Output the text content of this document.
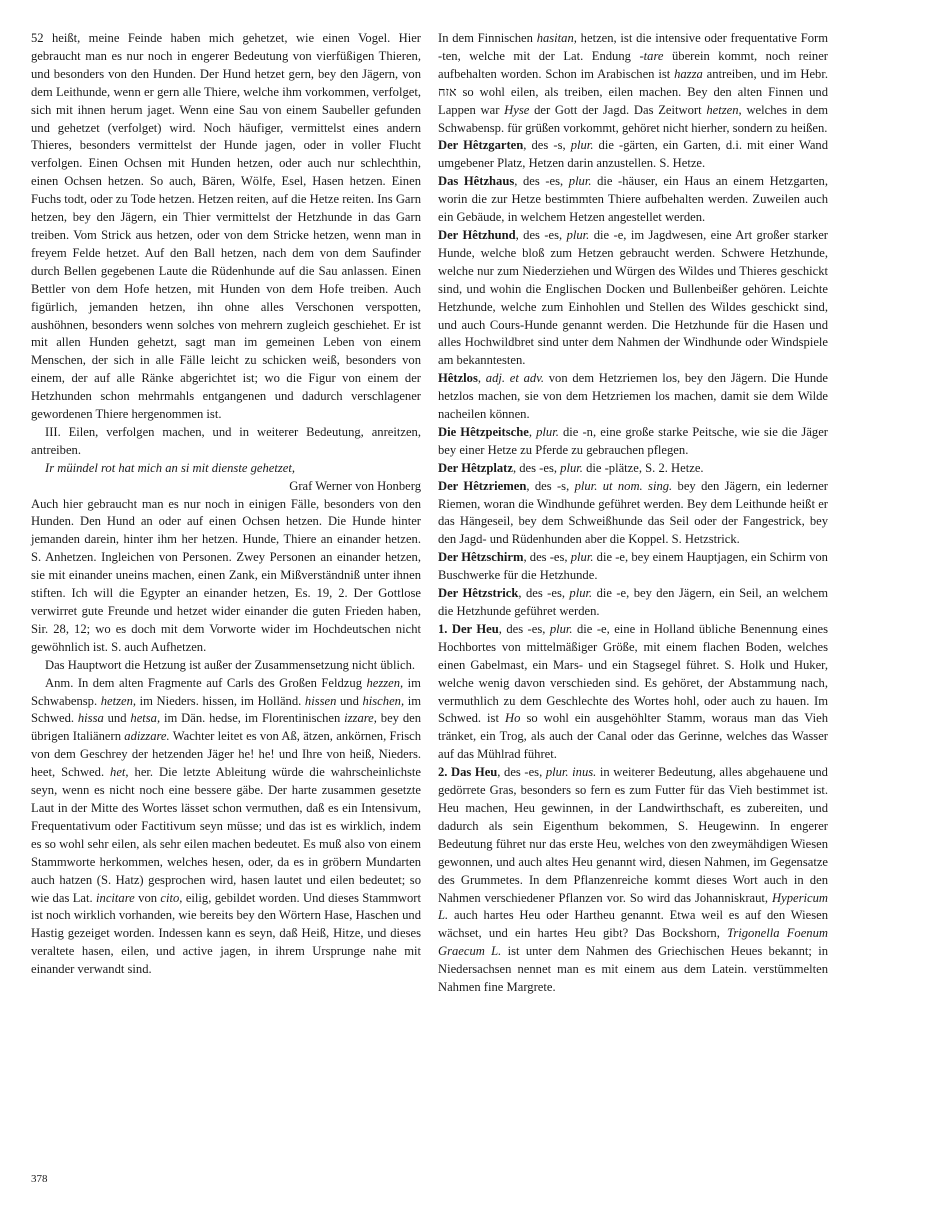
52 heißt, meine Feinde haben mich gehetzet, wie einen Vogel. Hier gebraucht man es nur noch in engerer Bedeutung von vierfüßigen Thieren, und besonders von den Hunden. Der Hund hetzet gern, bey den Jägern, von dem Leithunde, wenn er gern alle Thiere, welche ihm vorkommen, verfolget, sich mit ihnen herum jaget. Wenn eine Sau von einem Saubeller gefunden und gehetzet (verfolget) wird. Noch häufiger, vermittelst eines andern Thieres, besonders vermittelst der Hunde jagen, oder in voller Flucht verfolgen. Einen Ochsen mit Hunden hetzen, oder auch nur schlechthin, einen Ochsen hetzen. So auch, Bären, Wölfe, Esel, Hasen hetzen. Einen Fuchs todt, oder zu Tode hetzen. Hetzen reiten, auf die Hetze reiten. Ins Garn hetzen, bey den Jägern, ein Thier vermittelst der Hetzhunde in das Garn treiben. Vom Strick aus hetzen, oder von dem Stricke hetzen, wenn man in freyem Felde hetzet. Auf den Ball hetzen, nach dem von dem Saufinder durch Bellen gegebenen Laute die Rüdenhunde auf die Sau anlassen. Einen Bettler von dem Hofe hetzen, mit Hunden von dem Hofe treiben. Auch figürlich, jemanden hetzen, ihn ohne alles Verschonen verspotten, aushöhnen, besonders wenn solches von mehrern zugleich geschiehet. Er ist mit allen Hunden gehetzt, sagt man im gemeinen Leben von einem Menschen, der sich in alle Fälle leicht zu schicken weiß, besonders von einem, der auf alle Ränke abgerichtet ist; wo die Figur von einem der Hetzhunden schon mehrmahls entgangenen und dadurch verschlagener gewordenen Thiere hergenommen ist.

III. Eilen, verfolgen machen, und in weiterer Bedeutung, anreitzen, antreiben.

Ir müindel rot hat mich an si mit dienste gehetzet,

Graf Werner von Honberg

Auch hier gebraucht man es nur noch in einigen Fälle, besonders von den Hunden. Den Hund an oder auf einen Ochsen hetzen. Die Hunde hinter jemanden darein, hinter ihm her hetzen. Hunde, Thiere an einander hetzen. S. Anhetzen. Ingleichen von Personen. Zwey Personen an einander hetzen, sie mit einander uneins machen, einen Zank, ein Mißverständniß unter ihnen stiften. Ich will die Egypter an einander hetzen, Es. 19, 2. Der Gottlose verwirret gute Freunde und hetzet wider einander die guten Frieden haben, Sir. 28, 12; wo es doch mit dem Vorworte wider im Hochdeutschen nicht gewöhnlich ist. S. auch Aufhetzen.

Das Hauptwort die Hetzung ist außer der Zusammensetzung nicht üblich.

Anm. In dem alten Fragmente auf Carls des Großen Feldzug hezzen, im Schwabensp. hetzen, im Nieders. hissen, im Holländ. hissen und hischen, im Schwed. hissa und hetsa, im Dän. hedse, im Florentinischen izzare, bey den übrigen Italiänern adizzare. Wachter leitet es von Aß, ätzen, ankörnen, Frisch von dem Geschrey der hetzenden Jäger he! he! und Ihre von heiß, Nieders. heet, Schwed. het, her. Die letzte Ableitung würde die wahrscheinlichste seyn, wenn es nicht noch eine bessere gäbe. Der harte zusammen gesetzte Laut in der Mitte des Wortes lässet schon vermuthen, daß es ein Intensivum, Frequentativum oder Factitivum seyn müsse; und das ist es wirklich, indem es so wohl sehr eilen, als sehr eilen machen bedeutet. Es muß also von einem Stammworte herkommen, welches hesen, oder, da es in gröbern Mundarten auch hatzen (S. Hatz) gesprochen wird, hasen lautet und eilen bedeutet; so wie das Lat. incitare von cito, eilig, gebildet worden. Und dieses Stammwort ist noch wirklich vorhanden, wie bereits bey den Wörtern Hase, Haschen und Hastig gezeiget worden. Indessen kann es seyn, daß Heiß, Hitze, und dieses veraltete hasen, eilen, und active jagen, in ihrem Ursprunge nahe mit einander verwandt sind.

In dem Finnischen hasitan, hetzen, ist die intensive oder frequentative Form -ten, welche mit der Lat. Endung -tare überein kommt, noch reiner aufbehalten worden. Schon im Arabischen ist hazza antreiben, und im Hebr. אזח so wohl eilen, als treiben, eilen machen. Bey den alten Finnen und Lappen war Hyse der Gott der Jagd. Das Zeitwort hetzen, welches in dem Schwabensp. für grüßen vorkommt, gehöret nicht hierher, sondern zu heißen.

Der Hêtzgarten, des -s, plur. die -gärten, ein Garten, d.i. mit einer Wand umgebener Platz, Hetzen darin anzustellen. S. Hetze.

Das Hêtzhaus, des -es, plur. die -häuser, ein Haus an einem Hetzgarten, worin die zur Hetze bestimmten Thiere aufbehalten werden. Zuweilen auch ein Gebäude, in welchem Hetzen angestellet werden.

Der Hêtzhund, des -es, plur. die -e, im Jagdwesen, eine Art großer starker Hunde, welche bloß zum Hetzen gebraucht werden. Schwere Hetzhunde, welche nur zum Niederziehen und Würgen des Wildes und Thieres geschickt sind, und wohin die Englischen Docken und Bullenbeißer gehören. Leichte Hetzhunde, welche zum Einhohlen und Stellen des Wildes geschickt sind, und auch Cours-Hunde genannt werden. Die Hetzhunde für die Hasen und alles Hochwildbret sind unter dem Nahmen der Windhunde oder Windspiele am bekanntesten.

Hêtzlos, adj. et adv. von dem Hetzriemen los, bey den Jägern. Die Hunde hetzlos machen, sie von dem Hetzriemen los machen, damit sie dem Wilde nacheilen können.

Die Hêtzpeitsche, plur. die -n, eine große starke Peitsche, wie sie die Jäger bey einer Hetze zu Pferde zu gebrauchen pflegen.

Der Hêtzplatz, des -es, plur. die -plätze, S. 2. Hetze.

Der Hêtzriemen, des -s, plur. ut nom. sing. bey den Jägern, ein lederner Riemen, woran die Windhunde geführet werden. Bey dem Leithunde heißt er das Hängeseil, bey dem Schweißhunde das Seil oder der Fangestrick, bey den Jagd- und Rüdenhunden aber die Koppel. S. Hetzstrick.

Der Hêtzschirm, des -es, plur. die -e, bey einem Hauptjagen, ein Schirm von Buschwerke für die Hetzhunde.

Der Hêtzstrick, des -es, plur. die -e, bey den Jägern, ein Seil, an welchem die Hetzhunde geführet werden.

1. Der Heu, des -es, plur. die -e, eine in Holland übliche Benennung eines Hochbortes von mittelmäßiger Größe, mit einem flachen Boden, welches einen Gabelmast, ein Mars- und ein Stagsegel führet. S. Holk und Huker, welche wenig davon verschieden sind. Es gehöret, der Abstammung nach, vermuthlich zu dem Geschlechte des Wortes hohl, oder auch zu hauen. Im Schwed. ist Ho so wohl ein ausgehöhlter Stamm, woraus man das Vieh tränket, ein Trog, als auch der Canal oder das Gerinne, welches das Wasser auf das Mühlrad führet.

2. Das Heu, des -es, plur. inus. in weiterer Bedeutung, alles abgehauene und gedörrete Gras, besonders so fern es zum Futter für das Vieh bestimmet ist. Heu machen, Heu gewinnen, in der Landwirthschaft, es zubereiten, und dadurch als sein Eigenthum bekommen, S. Heugewinn. In engerer Bedeutung führet nur das erste Heu, welches von den zweymähdigen Wiesen gewonnen, und auch altes Heu genannt wird, diesen Nahmen, im Gegensatze des Grummetes. In dem Pflanzenreiche kommt dieses Wort auch in den Nahmen verschiedener Pflanzen vor. So wird das Johanniskraut, Hypericum L. auch hartes Heu oder Hartheu genannt. Etwa weil es auf den Wiesen wächset, und ein hartes Heu gibt? Das Bockshorn, Trigonella Foenum Graecum L. ist unter dem Nahmen des Griechischen Heues bekannt; in Niedersachsen nennet man es mit einem aus dem Latein. verstümmelten Nahmen fine Margrete.

378
